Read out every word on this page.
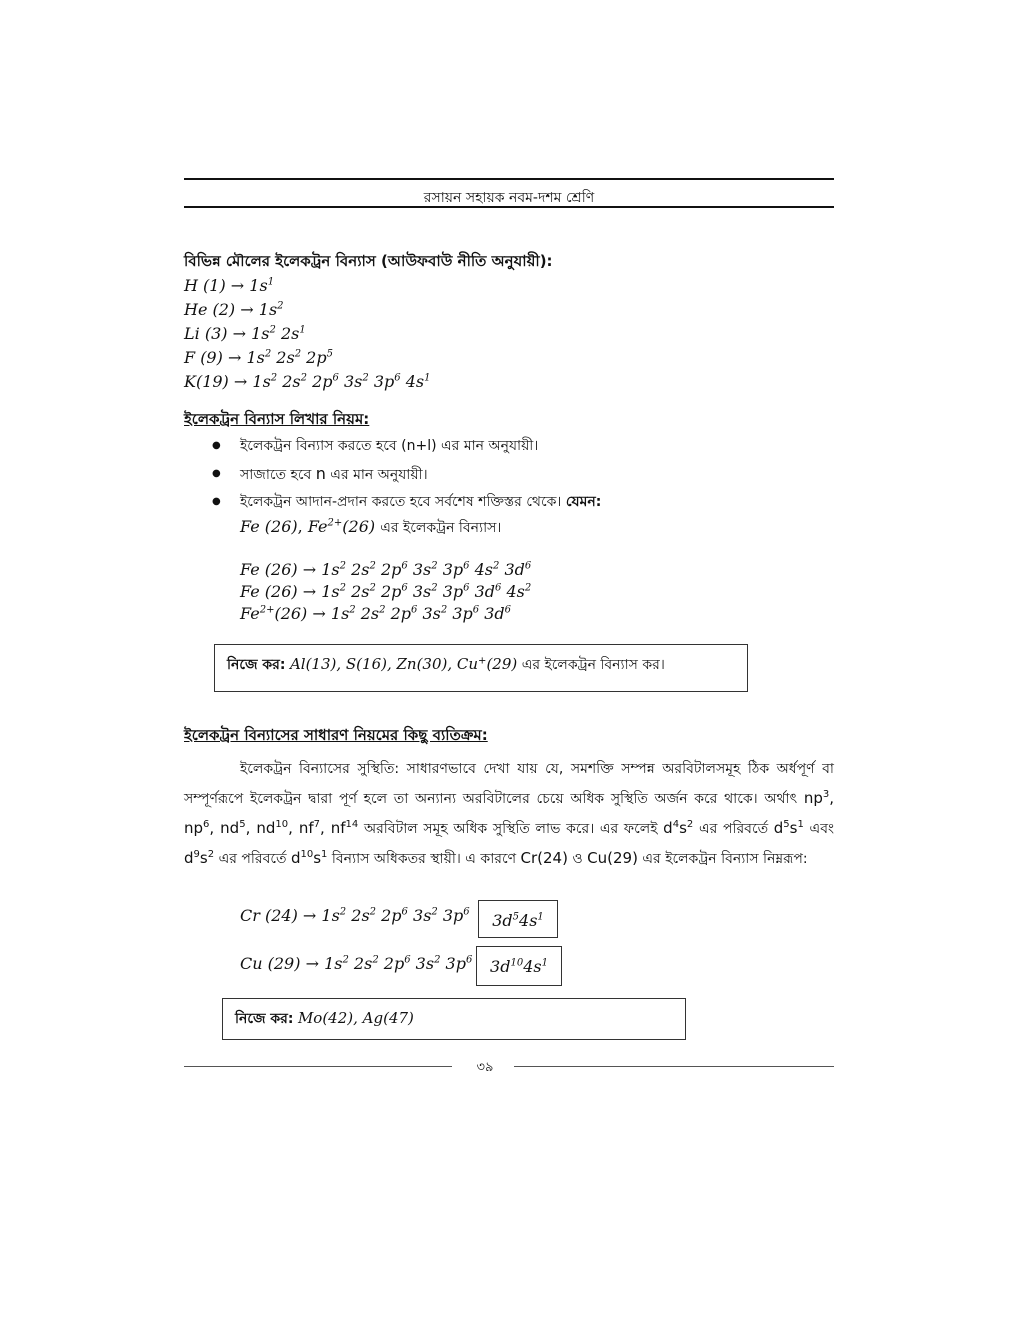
রসায়ন সহায়ক নবম-দশম শ্রেণি
বিভিন্ন মৌলের ইলেকট্রন বিন্যাস (আউফবাউ নীতি অনুযায়ী):
H $(1) \to 1s^1$
He $(2) \to 1s^2$
Li $(3) \to 1s^2$ $2s^1$
F $(9) \to 1s^2$ $2s^2$ $2p^5$
$K(19) \to 1s^2$ $2s^2$ $2p^6$ $3s^2$ $3p^6$ $4s^1$
ইলেকট্রন বিন্যাস লিখার নিয়ম:
● ইলেকট্রন বিন্যাস করতে হবে (n+l) এর মান অনুযায়ী।
● সাজাতে হবে n এর মান অনুযায়ী।
● ইলেকট্রন আদান-প্রদান করতে হবে সর্বশেষ শক্তিস্তর থেকে। যেমন:
Fe (26), $Fe^{2+}(26)$ এর ইলেকট্রন বিন্যাস।
Fe $(26) \to 1s^2$ $2s^2$ $2p^6$ $3s^2$ $3p^6$ $4s^2$ $3d^6$
Fe $(26) \to 1s^2$ $2s^2$ $2p^6$ $3s^2$ $3p^6$ $3d^6$ $4s^2$
$Fe^{2+}(26) \to 1s^2$ $2s^2$ $2p^6$ $3s^2$ $3p^6$ $3d^6$
নিজে কর: Al(13), S(16), Zn(30), Cu+(29) এর ইলেকট্রন বিন্যাস কর।
ইলেকট্রন বিন্যাসের সাধারণ নিয়মের কিছু ব্যতিক্রম:
ইলেকট্রন বিন্যাসের সুস্থিতি: সাধারণভাবে দেখা যায় যে, সমশক্তি সম্পন্ন অরবিটালসমূহ ঠিক অর্ধপূর্ণ বা সম্পূর্ণরূপে ইলেকট্রন দ্বারা পূর্ণ হলে তা অন্যান্য অরবিটালের চেয়ে অধিক সুস্থিতি অর্জন করে থাকে। অর্থাৎ $np^3$, $np^6$, $nd^5$, $nd^{10}$, $nf^7$, $nf^{14}$ অরবিটাল সমূহ অধিক সুস্থিতি লাভ করে। এর ফলেই $d^4s^2$ এর পরিবর্তে $d^5s^1$ এবং $d^9s^2$ এর পরিবর্তে $d^{10}s^1$ বিন্যাস অধিকতর স্থায়ী। এ কারণে Cr(24) ও Cu(29) এর ইলেকট্রন বিন্যাস নিম্নরূপ:
Cr $(24) \to 1s^2$ $2s^2$ $2p^6$ $3s^2$ $3p^6$	$3d^54s^1$
Cu $(29) \to 1s^2$ $2s^2$ $2p^6$ $3s^2$ $3p^6$	$3d^{10}4s^1$
নিজে কর: Mo(42), Ag(47)
৩৯
